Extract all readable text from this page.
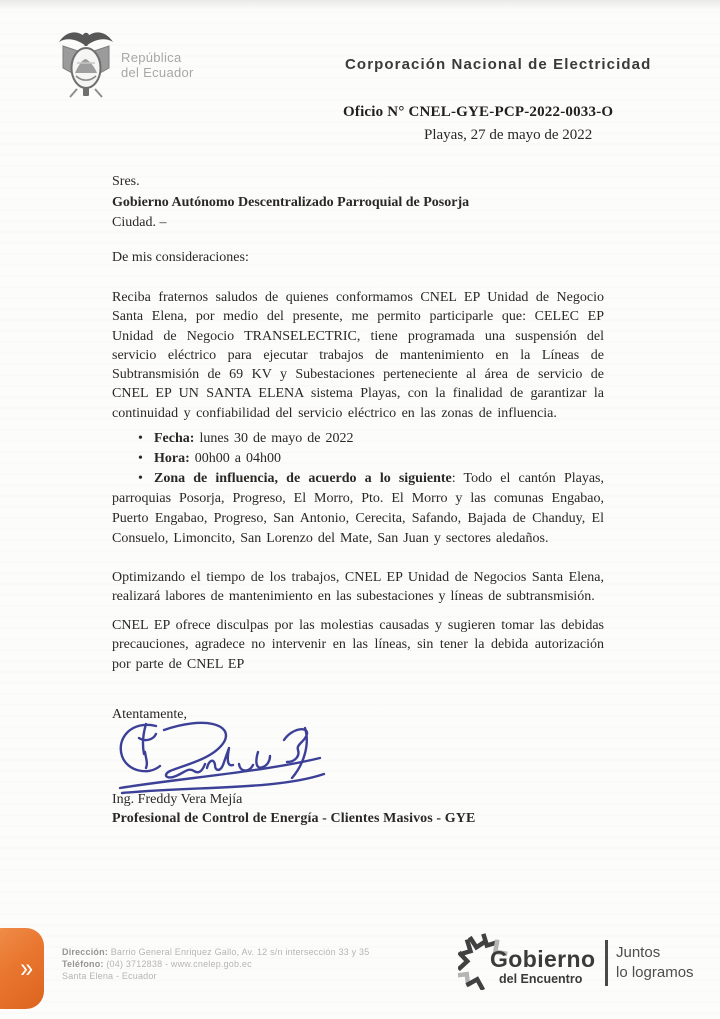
República
del Ecuador	Corporación Nacional de Electricidad
Oficio N° CNEL-GYE-PCP-2022-0033-O
Playas, 27 de mayo de 2022
Sres.
Gobierno Autónomo Descentralizado Parroquial de Posorja
Ciudad. –
De mis consideraciones:
Reciba fraternos saludos de quienes conformamos CNEL EP Unidad de Negocio Santa Elena, por medio del presente, me permito participarle que: CELEC EP Unidad de Negocio TRANSELECTRIC, tiene programada una suspensión del servicio eléctrico para ejecutar trabajos de mantenimiento en la Líneas de Subtransmisión de 69 KV y Subestaciones perteneciente al área de servicio de CNEL EP UN SANTA ELENA sistema Playas, con la finalidad de garantizar la continuidad y confiabilidad del servicio eléctrico en las zonas de influencia.

• Fecha: lunes 30 de mayo de 2022

• Hora: 00h00 a 04h00

• Zona de influencia, de acuerdo a lo siguiente: Todo el cantón Playas, parroquias Posorja, Progreso, El Morro, Pto. El Morro y las comunas Engabao, Puerto Engabao, Progreso, San Antonio, Cerecita, Safando, Bajada de Chanduy, El Consuelo, Limoncito, San Lorenzo del Mate, San Juan y sectores aledaños.

Optimizando el tiempo de los trabajos, CNEL EP Unidad de Negocios Santa Elena, realizará labores de mantenimiento en las subestaciones y líneas de subtransmisión.
CNEL EP ofrece disculpas por las molestias causadas y sugieren tomar las debidas precauciones, agradece no intervenir en las líneas, sin tener la debida autorización por parte de CNEL EP
Atentamente,
Ing. Freddy Vera Mejía
Profesional de Control de Energía - Clientes Masivos - GYE
»
Dirección: Barrio General Enriquez Gallo, Av. 12 s/n intersección 33 y 35
Teléfono: (04) 3712838 - www.cnelep.gob.ec
Santa Elena - Ecuador
Gobierno
del Encuentro
Juntos
lo logramos
